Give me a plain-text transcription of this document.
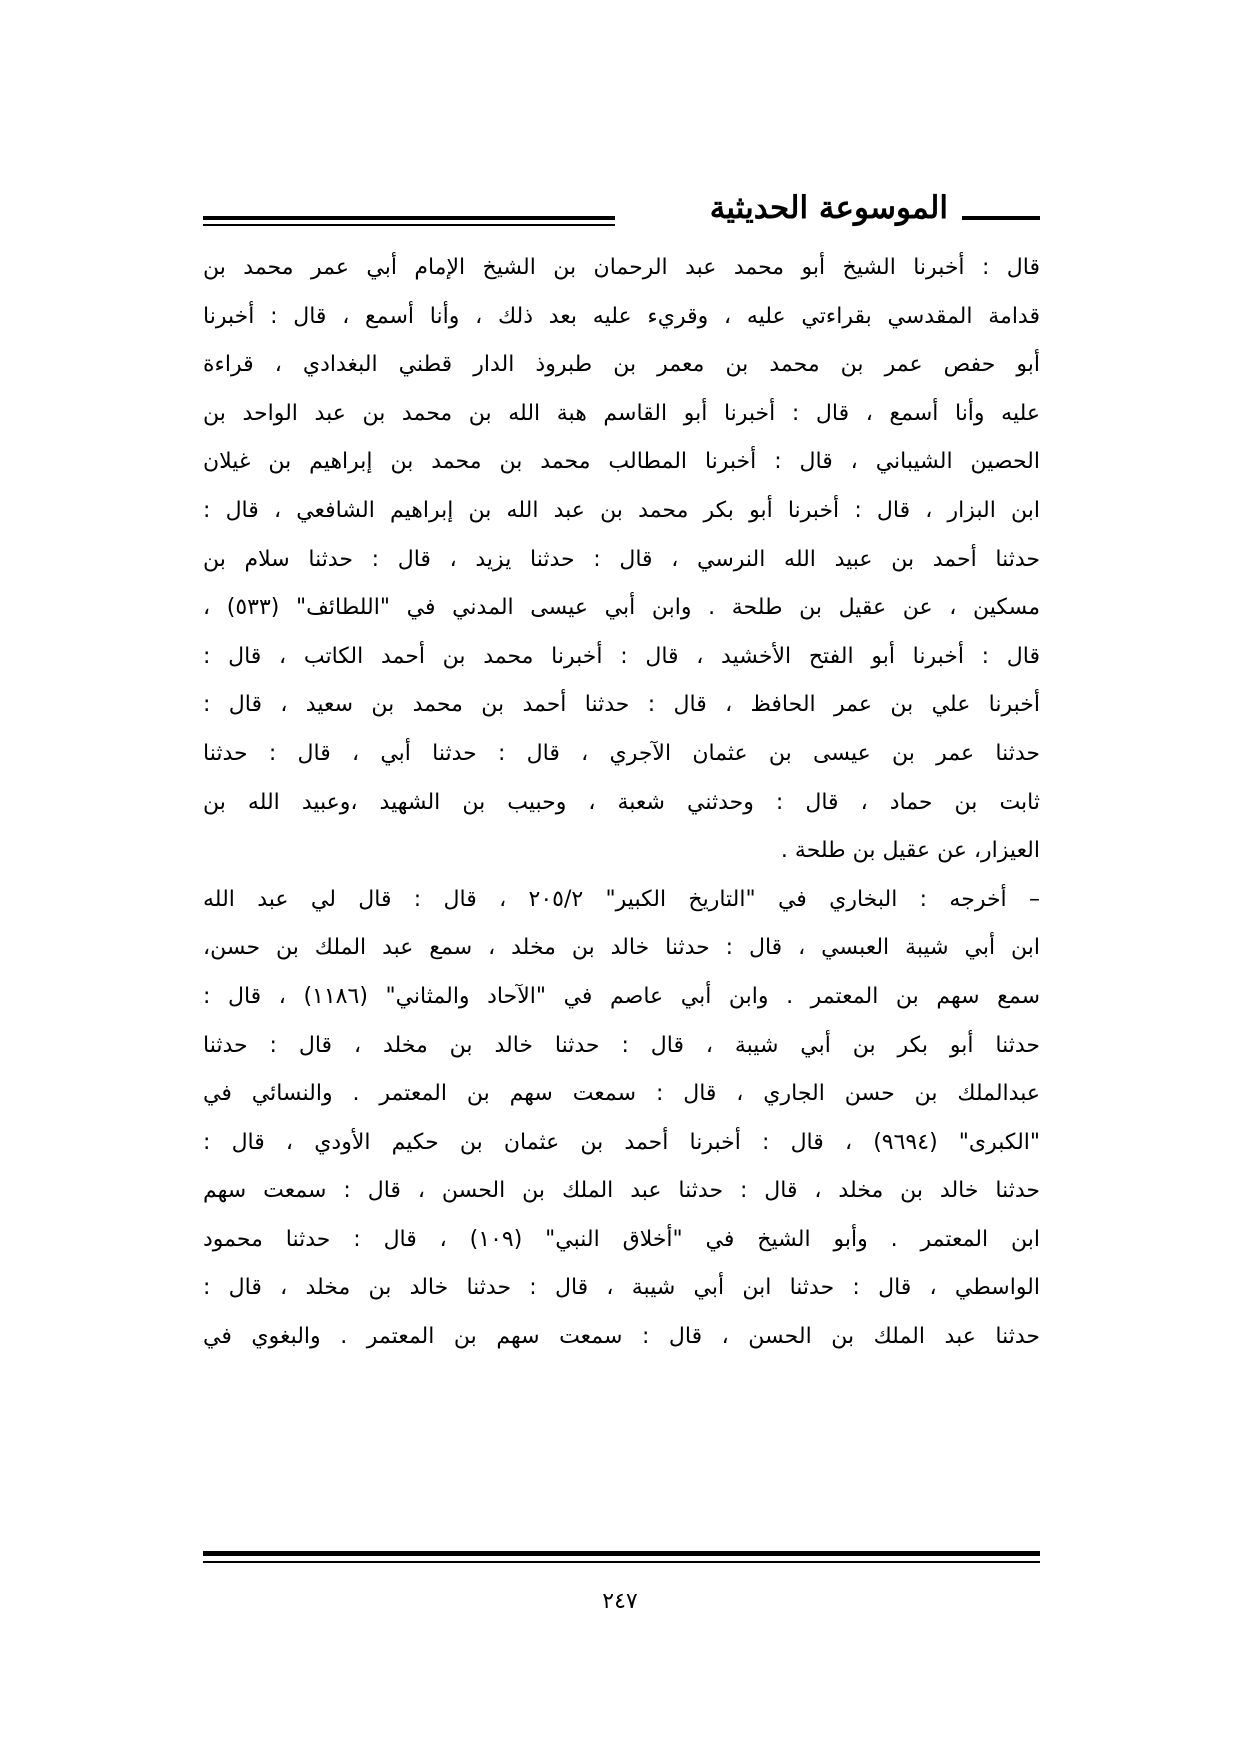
الموسوعة الحديثية
قال : أخبرنا الشيخ أبو محمد عبد الرحمان بن الشيخ الإمام أبي عمر محمد بن
قدامة المقدسي بقراءتي عليه ، وقريء عليه بعد ذلك ، وأنا أسمع ، قال : أخبرنا
أبو حفص عمر بن محمد بن معمر بن طبروذ الدار قطني البغدادي ، قراءة
عليه وأنا أسمع ، قال : أخبرنا أبو القاسم هبة الله بن محمد بن عبد الواحد بن
الحصين الشيباني ، قال : أخبرنا المطالب محمد بن محمد بن إبراهيم بن غيلان
ابن البزار ، قال : أخبرنا أبو بكر محمد بن عبد الله بن إبراهيم الشافعي ، قال :
حدثنا أحمد بن عبيد الله النرسي ، قال : حدثنا يزيد ، قال : حدثنا سلام بن
مسكين ، عن عقيل بن طلحة . وابن أبي عيسى المدني في "اللطائف" (٥٣٣) ،
قال : أخبرنا أبو الفتح الأخشيد ، قال : أخبرنا محمد بن أحمد الكاتب ، قال :
أخبرنا علي بن عمر الحافظ ، قال : حدثنا أحمد بن محمد بن سعيد ، قال :
حدثنا عمر بن عيسى بن عثمان الآجري ، قال : حدثنا أبي ، قال : حدثنا
ثابت بن حماد ، قال : وحدثني شعبة ، وحبيب بن الشهيد ،وعبيد الله بن
العيزار، عن عقيل بن طلحة .
– أخرجه : البخاري في "التاريخ الكبير" ٢٠٥/٢ ، قال : قال لي عبد الله
ابن أبي شيبة العبسي ، قال : حدثنا خالد بن مخلد ، سمع عبد الملك بن حسن،
سمع سهم بن المعتمر . وابن أبي عاصم في "الآحاد والمثاني" (١١٨٦) ، قال :
حدثنا أبو بكر بن أبي شيبة ، قال : حدثنا خالد بن مخلد ، قال : حدثنا
عبدالملك بن حسن الجاري ، قال : سمعت سهم بن المعتمر . والنسائي في
"الكبرى" (٩٦٩٤) ، قال : أخبرنا أحمد بن عثمان بن حكيم الأودي ، قال :
حدثنا خالد بن مخلد ، قال : حدثنا عبد الملك بن الحسن ، قال : سمعت سهم
ابن المعتمر . وأبو الشيخ في "أخلاق النبي" (١٠٩) ، قال : حدثنا محمود
الواسطي ، قال : حدثنا ابن أبي شيبة ، قال : حدثنا خالد بن مخلد ، قال :
حدثنا عبد الملك بن الحسن ، قال : سمعت سهم بن المعتمر . والبغوي في
٢٤٧
